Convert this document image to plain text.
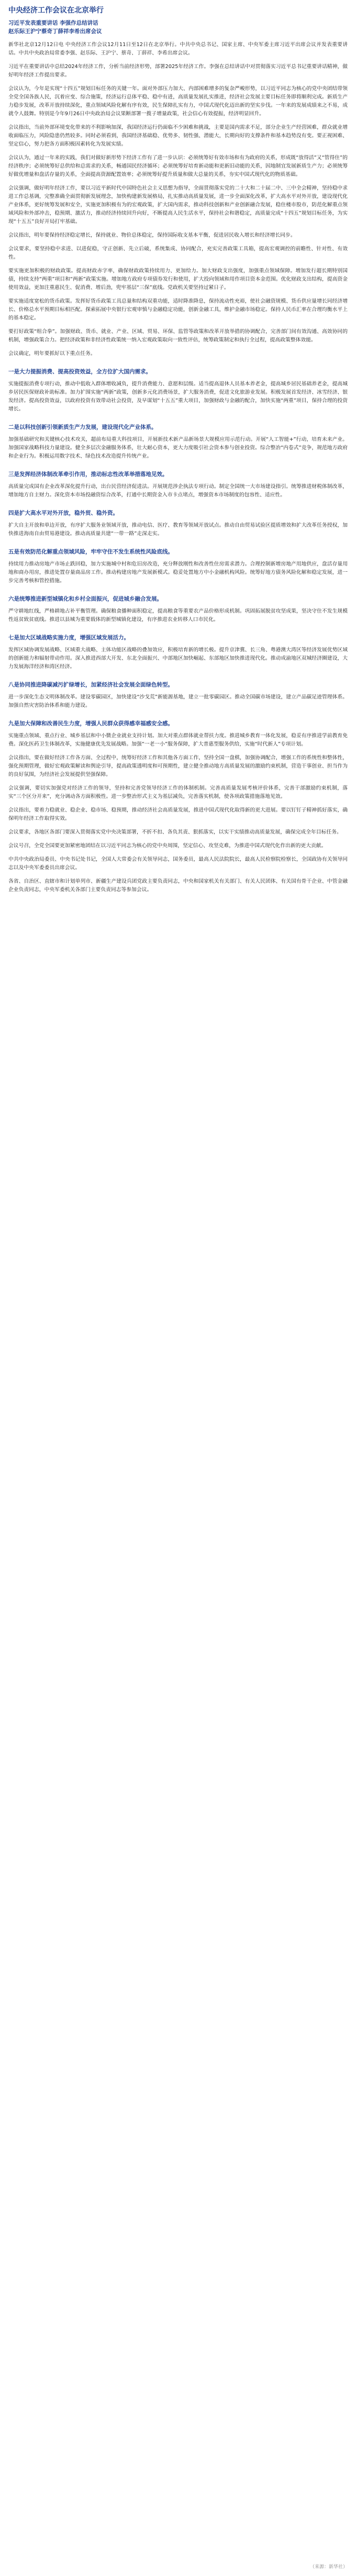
中央经济工作会议在北京举行
习近平发表重要讲话 李强作总结讲话
赵乐际王沪宁蔡奇丁薛祥李希出席会议

新华社北京12月12日电 中央经济工作会议12月11日至12日在北京举行。中共中央总书记、国家主席、中央军委主席习近平出席会议并发表重要讲话。中共中央政治局常委李强、赵乐际、王沪宁、蔡奇、丁薛祥、李希出席会议。

习近平在重要讲话中总结2024年经济工作，分析当前经济形势，部署2025年经济工作。李强在总结讲话中对贯彻落实习近平总书记重要讲话精神，做好明年经济工作提出要求。

会议认为，今年是实现“十四五”规划目标任务的关键一年。面对外部压力加大、内部困难增多的复杂严峻形势，以习近平同志为核心的党中央团结带领全党全国各族人民，沉着应变、综合施策，经济运行总体平稳、稳中有进，高质量发展扎实推进，经济社会发展主要目标任务即将顺利完成。新质生产力稳步发展，改革开放持续深化，重点领域风险化解有序有效，民生保障扎实有力，中国式现代化迈出新的坚实步伐。一年来的发展成绩来之不易，成就令人鼓舞。特别是今年9月26日中央政治局会议果断部署一揽子增量政策，社会信心有效提振，经济明显回升。

会议指出，当前外部环境变化带来的不利影响加深，我国经济运行仍面临不少困难和挑战，主要是国内需求不足，部分企业生产经营困难，群众就业增收面临压力，风险隐患仍然较多。同时必须看到，我国经济基础稳、优势多、韧性强、潜能大，长期向好的支撑条件和基本趋势没有变。要正视困难、坚定信心，努力把各方面积极因素转化为发展实绩。

会议认为，通过一年来的实践，我们对做好新形势下经济工作有了进一步认识：必须统筹好有效市场和有为政府的关系，形成既“放得活”又“管得住”的经济秩序；必须统筹好总供给和总需求的关系，畅通国民经济循环；必须统筹好培育新动能和更新旧动能的关系，因地制宜发展新质生产力；必须统筹好做优增量和盘活存量的关系，全面提高资源配置效率；必须统筹好提升质量和做大总量的关系，夯实中国式现代化的物质基础。

会议强调，做好明年经济工作，要以习近平新时代中国特色社会主义思想为指导，全面贯彻落实党的二十大和二十届二中、三中全会精神，坚持稳中求进工作总基调，完整准确全面贯彻新发展理念，加快构建新发展格局，扎实推动高质量发展，进一步全面深化改革，扩大高水平对外开放，建设现代化产业体系，更好统筹发展和安全，实施更加积极有为的宏观政策，扩大国内需求，推动科技创新和产业创新融合发展，稳住楼市股市，防范化解重点领域风险和外部冲击，稳预期、激活力，推动经济持续回升向好，不断提高人民生活水平，保持社会和谐稳定，高质量完成“十四五”规划目标任务，为实现“十五五”良好开局打牢基础。

会议指出，明年要保持经济稳定增长，保持就业、物价总体稳定，保持国际收支基本平衡，促进居民收入增长和经济增长同步。

会议要求，要坚持稳中求进、以进促稳，守正创新、先立后破，系统集成、协同配合，充实完善政策工具箱，提高宏观调控的前瞻性、针对性、有效性。

要实施更加积极的财政政策。提高财政赤字率，确保财政政策持续用力、更加给力。加大财政支出强度，加强重点领域保障。增加发行超长期特别国债，持续支持“两重”项目和“两新”政策实施。增加地方政府专项债券发行和使用，扩大投向领域和用作项目资本金范围。优化财政支出结构，提高资金使用效益，更加注重惠民生、促消费、增后劲，兜牢基层“三保”底线。党政机关要坚持过紧日子。

要实施适度宽松的货币政策。发挥好货币政策工具总量和结构双重功能，适时降准降息，保持流动性充裕，使社会融资规模、货币供应量增长同经济增长、价格总水平预期目标相匹配。探索拓展中央银行宏观审慎与金融稳定功能，创新金融工具，维护金融市场稳定。保持人民币汇率在合理均衡水平上的基本稳定。

要打好政策“组合拳”。加强财政、货币、就业、产业、区域、贸易、环保、监管等政策和改革开放举措的协调配合，完善部门间有效沟通、高效协同的机制，增强政策合力。把经济政策和非经济性政策统一纳入宏观政策取向一致性评估，统筹政策制定和执行全过程，提高政策整体效能。

会议确定，明年要抓好以下重点任务。

一是大力提振消费、提高投资效益，全方位扩大国内需求。

实施提振消费专项行动，推动中低收入群体增收减负，提升消费能力、意愿和层级。适当提高退休人员基本养老金，提高城乡居民基础养老金，提高城乡居民医保财政补助标准。加力扩围实施“两新”政策，创新多元化消费场景，扩大服务消费，促进文化旅游业发展。积极发展首发经济、冰雪经济、银发经济。提高投资效益，以政府投资有效带动社会投资，及早谋划“十五五”重大项目，加强财政与金融的配合，加快实施“两重”项目，保持合理的投资增长。

二是以科技创新引领新质生产力发展，建设现代化产业体系。

加强基础研究和关键核心技术攻关，超前布局重大科技项目，开展新技术新产品新场景大规模应用示范行动。开展“人工智能+”行动，培育未来产业。加强国家战略科技力量建设。健全多层次金融服务体系，壮大耐心资本，更大力度吸引社会资本参与创业投资。综合整治“内卷式”竞争，规范地方政府和企业行为。积极运用数字技术、绿色技术改造提升传统产业。

三是发挥经济体制改革牵引作用，推动标志性改革举措落地见效。

高质量完成国有企业改革深化提升行动，出台民营经济促进法。开展规范涉企执法专项行动。制定全国统一大市场建设指引。统筹推进财税体制改革，增加地方自主财力。深化资本市场投融资综合改革，打通中长期资金入市卡点堵点，增强资本市场制度的包容性、适应性。

四是扩大高水平对外开放，稳外贸、稳外资。

扩大自主开放和单边开放，有序扩大服务业领域开放，推动电信、医疗、教育等领域开放试点。推动自由贸易试验区提质增效和扩大改革任务授权，加快推进海南自由贸易港建设。推动高质量共建“一带一路”走深走实。

五是有效防范化解重点领域风险，牢牢守住不发生系统性风险底线。

持续用力推动房地产市场止跌回稳，加力实施城中村和危旧房改造，充分释放刚性和改善性住房需求潜力。合理控制新增房地产用地供应，盘活存量用地和商办用房，推进处置存量商品房工作。推动构建房地产发展新模式。稳妥处置地方中小金融机构风险。统筹好地方债务风险化解和稳定发展，进一步完善考核和管控措施。

六是统筹推进新型城镇化和乡村全面振兴，促进城乡融合发展。

严守耕地红线，严格耕地占补平衡管理。确保粮食播种面积稳定，提高粮食等重要农产品价格形成机制。巩固拓展脱贫攻坚成果，坚决守住不发生规模性返贫致贫底线。推进以县城为重要载体的新型城镇化建设，有序推进农业转移人口市民化。

七是加大区域战略实施力度，增强区域发展活力。

发挥区域协调发展战略、区域重大战略、主体功能区战略的叠加效应，积极培育新的增长极。提升京津冀、长三角、粤港澳大湾区等经济发展优势区域的创新能力和辐射带动作用。深入推进西部大开发、东北全面振兴、中部地区加快崛起、东部地区加快推进现代化。推动成渝地区双城经济圈建设，大力发展海洋经济和湾区经济。

八是协同推进降碳减污扩绿增长，加紧经济社会发展全面绿色转型。

进一步深化生态文明体制改革。建设零碳园区，加快建设“沙戈荒”新能源基地，建立一批零碳园区。推动全国碳市场建设，建立产品碳足迹管理体系。加强自然灾害防治体系和能力建设。

九是加大保障和改善民生力度，增强人民群众获得感幸福感安全感。

实施重点领域、重点行业、城乡基层和中小微企业就业支持计划。加大对重点群体就业帮扶力度。推进城乡教育一体化发展，稳妥有序推进学前教育免费。深化医药卫生体制改革，实施健康优先发展战略。加强“一老一小”服务保障，扩大普惠型服务供给，实施“时代新人”专项计划。

会议指出，要在做好经济工作各方面、全过程中，统筹好经济工作和其他各方面工作，坚持全国一盘棋，加强协调配合，增强工作的系统性和整体性，强化预期管理，做好宏观政策解读和舆论引导，提高政策透明度和可预期性，建立健全推动地方高质量发展的激励约束机制，营造干事创业、担当作为的良好氛围，为经济社会发展提供坚强保障。

会议强调，要切实加强党对经济工作的领导，坚持和完善党领导经济工作的体制机制。完善高质量发展考核评价体系，完善干部激励约束机制，落实“三个区分开来”，充分调动各方面积极性。进一步整治形式主义为基层减负，完善落实机制，使各项政策措施落地见效。

会议指出，要着力稳就业、稳企业、稳市场、稳预期，推动经济社会高质量发展，推进中国式现代化取得新的更大进展。要以钉钉子精神抓好落实，确保明年经济工作取得实效。

会议要求，各地区各部门要深入贯彻落实党中央决策部署，不折不扣、各负其责、狠抓落实，以实干实绩推动高质量发展，确保完成全年目标任务。

会议号召，全党全国要更加紧密地团结在以习近平同志为核心的党中央周围，坚定信心、攻坚克难，为推进中国式现代化作出新的更大贡献。

中共中央政治局委员、中央书记处书记，全国人大常委会有关领导同志，国务委员，最高人民法院院长，最高人民检察院检察长，全国政协有关领导同志以及中央军委委员出席会议。

各省、自治区、直辖市和计划单列市、新疆生产建设兵团党政主要负责同志，中央和国家机关有关部门、有关人民团体、有关国有骨干企业、中管金融企业负责同志，中央军委机关各部门主要负责同志等参加会议。

（来源：新华社）
